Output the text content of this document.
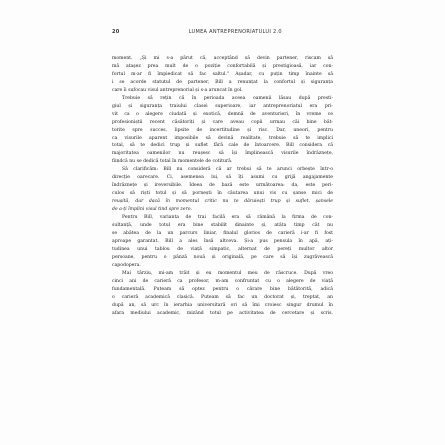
20	LUMEA ANTREPRENORIATULUI 2.0

moment. „Și mi s-a părut că, acceptând să devin partener, riscam să

mă ataşez prea mult de o poziție confortabilă și prestigioasă, iar con-

fortul m-ar fi împiedicat să fac saltul." Așadar, cu puțin timp înainte să

i se acorde statutul de partener, Bill a renunțat la confortul și siguranța

care îi sufocau visul antreprenorial și s-a aruncat în gol.

Trebuie să rețin că în perioada aceea oamenii lăsau după presti-

giul și siguranța traiului clasei superioare, iar antreprenoriatul era pri-

vit ca o alegere ciudată și exotică, demnă de aventurieri, în vreme ce

profesioniștii recent căsătoriți și care aveau copii urmau căi bine băt-

torite spre succes, lipsite de incertitudine și risc. Dar, uneori, pentru

ca visurile aparent imposibile să devină realitate, trebuie să te implici

total, să te dedici trup și suflet fără cale de întoarcere. Bill considera că

majoritatea oamenilor nu reușesc să își împlinească visurile îndrăznețe,

fiindcă nu se dedică total în momentele de cotitură.

Să clarificăm: Bill nu consideră că ar trebui să te arunci orbește într-o

direcție oarecare. Ci, asemenea lui, să îți asumi cu grijă angajamente

îndrăznețe și ireversibile. Ideea de bază este următoarea: da, este peri-

culos să riști totul și să pornești în căutarea unui vis cu șanse mici de

reușită, dar dacă în momentul critic nu te dăruiești trup și suflet, șansele

de a-ți împlini visul tind spre zero.

Pentru Bill, varianta de trai facilă era să rămână la firma de con-

sultanță, unde totul era bine stabilit dinainte și, atâta timp cât nu

se abătea de la un parcurs liniar, finalul glorios de carieră i-ar fi fost

aproape garantat. Bill a ales însă altceva. Și-a pus pensula în apă, ați-

tudinea unui tablou de viață simpatic, alternat de pereți multor altor

persoane, pentru o pânză nouă și originală, pe care să își zugrăvească

capodopera.

Mai târziu, mi-am trăit și eu momentul meu de răscruce. După vreo

cinci ani de carieră ca profesor, m-am confruntat cu o alegere de viață

fundamentală. Puteam să optez pentru o cărare bine bătătorită, adică

o carieră academică clasică. Puteam să fac un doctorat și, treptat, an

după an, să urc în ierarhia universitară ori să îmi croiesc singur drumul în

afara mediului academic, mizând totul pe activitatea de cercetare și scris.
